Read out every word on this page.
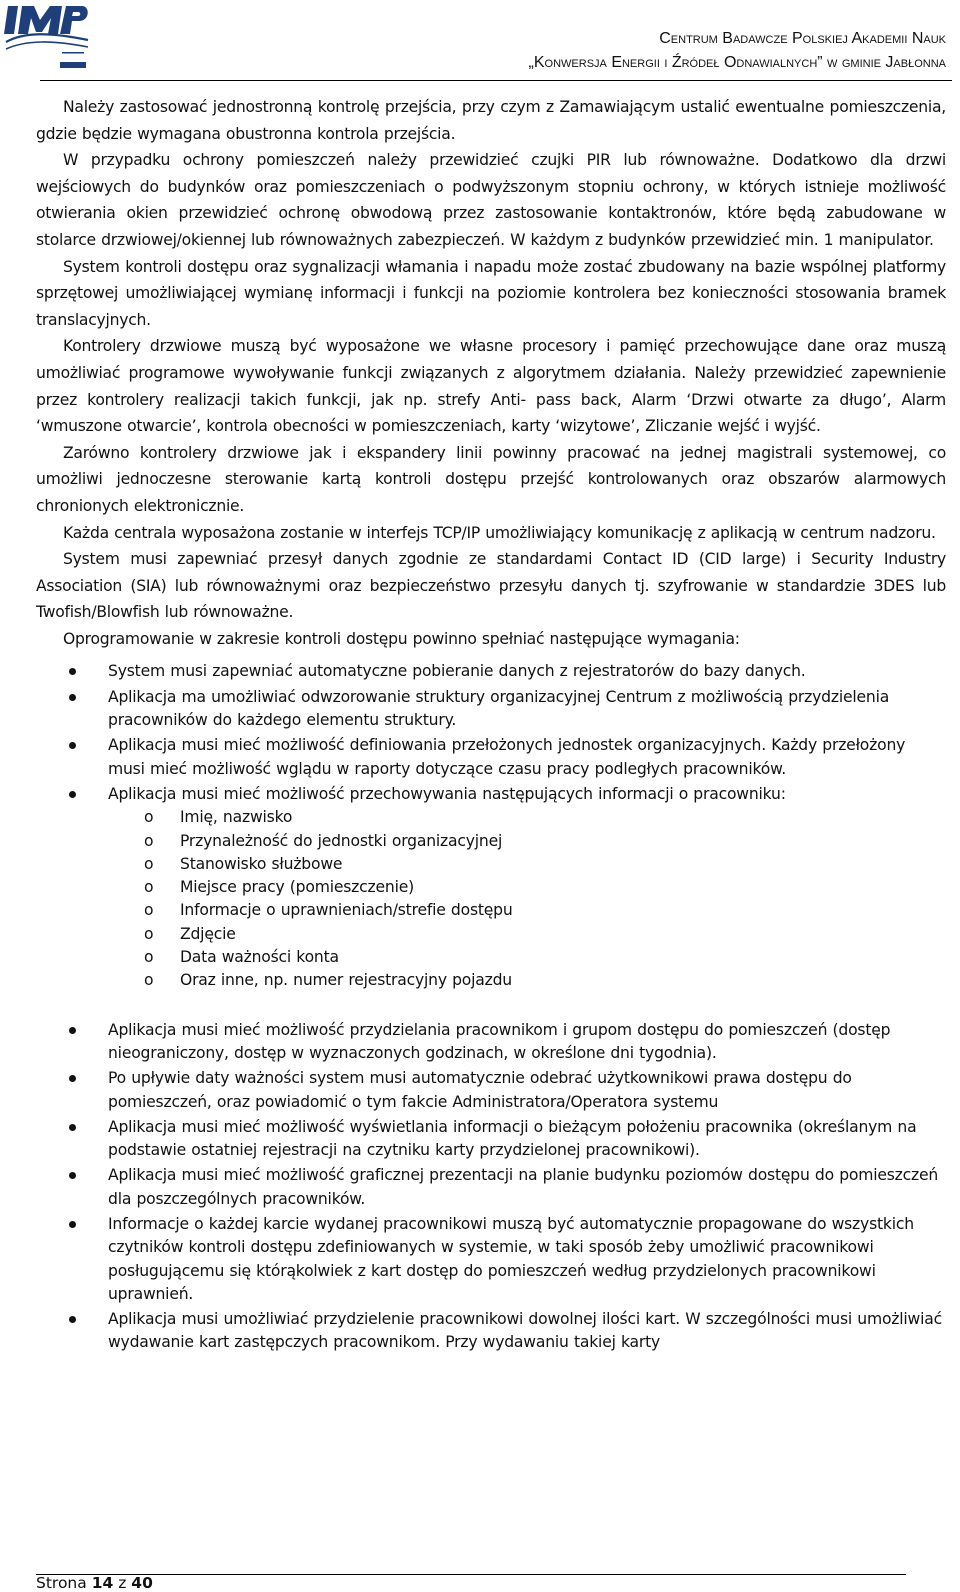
Centrum Badawcze Polskiej Akademii Nauk
„Konwersja Energii i Źródeł Odnawialnych” w gminie Jabłonna

Należy zastosować jednostronną kontrolę przejścia, przy czym z Zamawiającym ustalić ewentualne pomieszczenia, gdzie będzie wymagana obustronna kontrola przejścia.

W przypadku ochrony pomieszczeń należy przewidzieć czujki PIR lub równoważne. Dodatkowo dla drzwi wejściowych do budynków oraz pomieszczeniach o podwyższonym stopniu ochrony, w których istnieje możliwość otwierania okien przewidzieć ochronę obwodową przez zastosowanie kontaktronów, które będą zabudowane w stolarce drzwiowej/okiennej lub równoważnych zabezpieczeń. W każdym z budynków przewidzieć min. 1 manipulator.

System kontroli dostępu oraz sygnalizacji włamania i napadu może zostać zbudowany na bazie wspólnej platformy sprzętowej umożliwiającej wymianę informacji i funkcji na poziomie kontrolera bez konieczności stosowania bramek translacyjnych.

Kontrolery drzwiowe muszą być wyposażone we własne procesory i pamięć przechowujące dane oraz muszą umożliwiać programowe wywoływanie funkcji związanych z algorytmem działania. Należy przewidzieć zapewnienie przez kontrolery realizacji takich funkcji, jak np. strefy Anti- pass back, Alarm ‘Drzwi otwarte za długo’, Alarm ‘wmuszone otwarcie’, kontrola obecności w pomieszczeniach, karty ‘wizytowe’, Zliczanie wejść i wyjść.

Zarówno kontrolery drzwiowe jak i ekspandery linii powinny pracować na jednej magistrali systemowej, co umożliwi jednoczesne sterowanie kartą kontroli dostępu przejść kontrolowanych oraz obszarów alarmowych chronionych elektronicznie.

Każda centrala wyposażona zostanie w interfejs TCP/IP umożliwiający komunikację z aplikacją w centrum nadzoru.

System musi zapewniać przesył danych zgodnie ze standardami Contact ID (CID large) i Security Industry Association (SIA) lub równoważnymi oraz bezpieczeństwo przesyłu danych tj. szyfrowanie w standardzie 3DES lub Twofish/Blowfish lub równoważne.

Oprogramowanie w zakresie kontroli dostępu powinno spełniać następujące wymagania:

System musi zapewniać automatyczne pobieranie danych z rejestratorów do bazy danych.
Aplikacja ma umożliwiać odwzorowanie struktury organizacyjnej Centrum z możliwością przydzielenia pracowników do każdego elementu struktury.
Aplikacja musi mieć możliwość definiowania przełożonych jednostek organizacyjnych. Każdy przełożony musi mieć możliwość wglądu w raporty dotyczące czasu pracy podległych pracowników.
Aplikacja musi mieć możliwość przechowywania następujących informacji o pracowniku:
o Imię, nazwisko
o Przynależność do jednostki organizacyjnej
o Stanowisko służbowe
o Miejsce pracy (pomieszczenie)
o Informacje o uprawnieniach/strefie dostępu
o Zdjęcie
o Data ważności konta
o Oraz inne, np. numer rejestracyjny pojazdu
Aplikacja musi mieć możliwość przydzielania pracownikom i grupom dostępu do pomieszczeń (dostęp nieograniczony, dostęp w wyznaczonych godzinach, w określone dni tygodnia).
Po upływie daty ważności system musi automatycznie odebrać użytkownikowi prawa dostępu do pomieszczeń, oraz powiadomić o tym fakcie Administratora/Operatora systemu
Aplikacja musi mieć możliwość wyświetlania informacji o bieżącym położeniu pracownika (określanym na podstawie ostatniej rejestracji na czytniku karty przydzielonej pracownikowi).
Aplikacja musi mieć możliwość graficznej prezentacji na planie budynku poziomów dostępu do pomieszczeń dla poszczególnych pracowników.
Informacje o każdej karcie wydanej pracownikowi muszą być automatycznie propagowane do wszystkich czytników kontroli dostępu zdefiniowanych w systemie, w taki sposób żeby umożliwić pracownikowi posługującemu się którąkolwiek z kart dostęp do pomieszczeń według przydzielonych pracownikowi uprawnień.
Aplikacja musi umożliwiać przydzielenie pracownikowi dowolnej ilości kart. W szczególności musi umożliwiać wydawanie kart zastępczych pracownikom. Przy wydawaniu takiej karty
Strona 14 z 40
